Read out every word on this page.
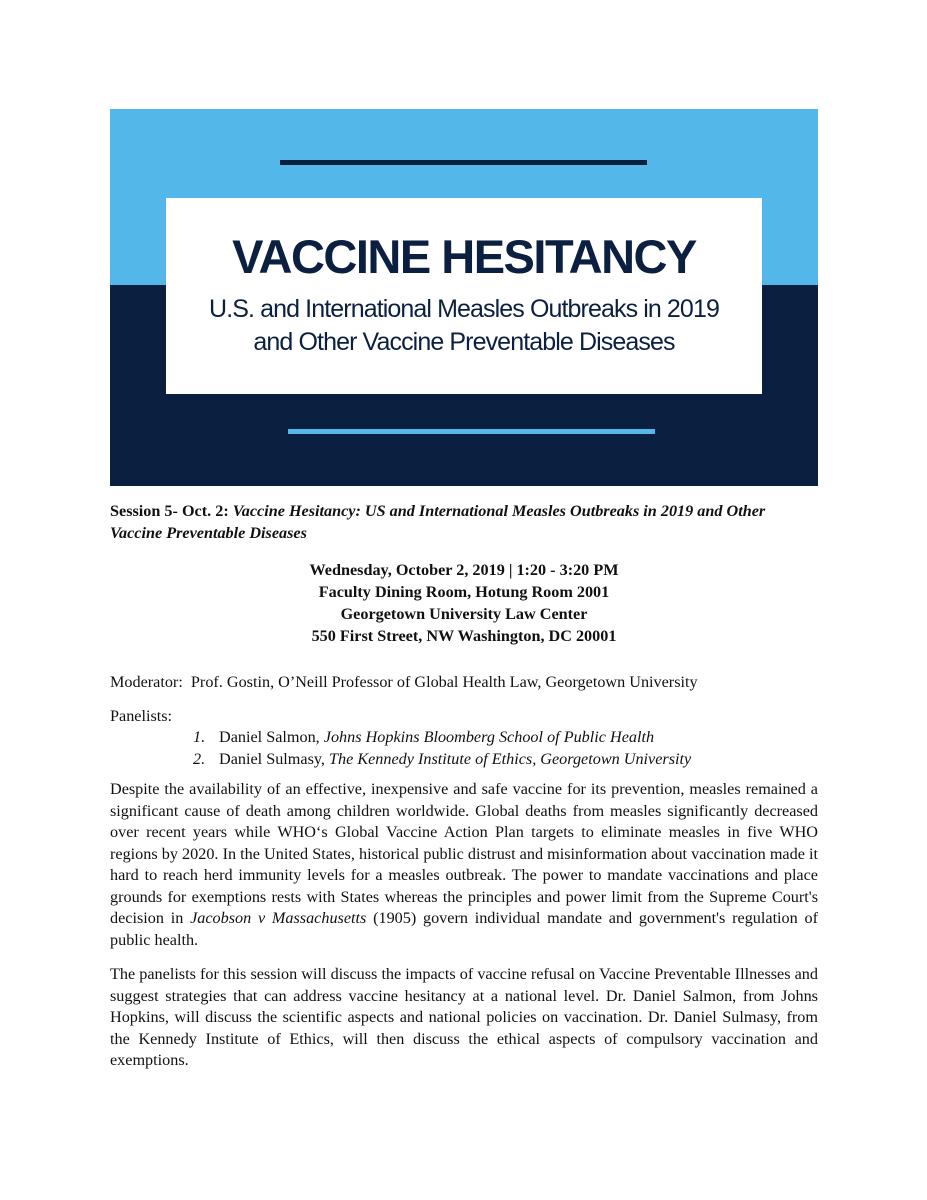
VACCINE HESITANCY
U.S. and International Measles Outbreaks in 2019
and Other Vaccine Preventable Diseases
Session 5- Oct. 2: Vaccine Hesitancy: US and International Measles Outbreaks in 2019 and Other Vaccine Preventable Diseases
Wednesday, October 2, 2019 | 1:20 - 3:20 PM
Faculty Dining Room, Hotung Room 2001
Georgetown University Law Center
550 First Street, NW Washington, DC 20001
Moderator:  Prof. Gostin, O’Neill Professor of Global Health Law, Georgetown University
Panelists:
1. Daniel Salmon, Johns Hopkins Bloomberg School of Public Health
2. Daniel Sulmasy, The Kennedy Institute of Ethics, Georgetown University
Despite the availability of an effective, inexpensive and safe vaccine for its prevention, measles remained a significant cause of death among children worldwide. Global deaths from measles significantly decreased over recent years while WHO‘s Global Vaccine Action Plan targets to eliminate measles in five WHO regions by 2020. In the United States, historical public distrust and misinformation about vaccination made it hard to reach herd immunity levels for a measles outbreak. The power to mandate vaccinations and place grounds for exemptions rests with States whereas the principles and power limit from the Supreme Court's decision in Jacobson v Massachusetts (1905) govern individual mandate and government's regulation of public health.
The panelists for this session will discuss the impacts of vaccine refusal on Vaccine Preventable Illnesses and suggest strategies that can address vaccine hesitancy at a national level. Dr. Daniel Salmon, from Johns Hopkins, will discuss the scientific aspects and national policies on vaccination. Dr. Daniel Sulmasy, from the Kennedy Institute of Ethics, will then discuss the ethical aspects of compulsory vaccination and exemptions.
